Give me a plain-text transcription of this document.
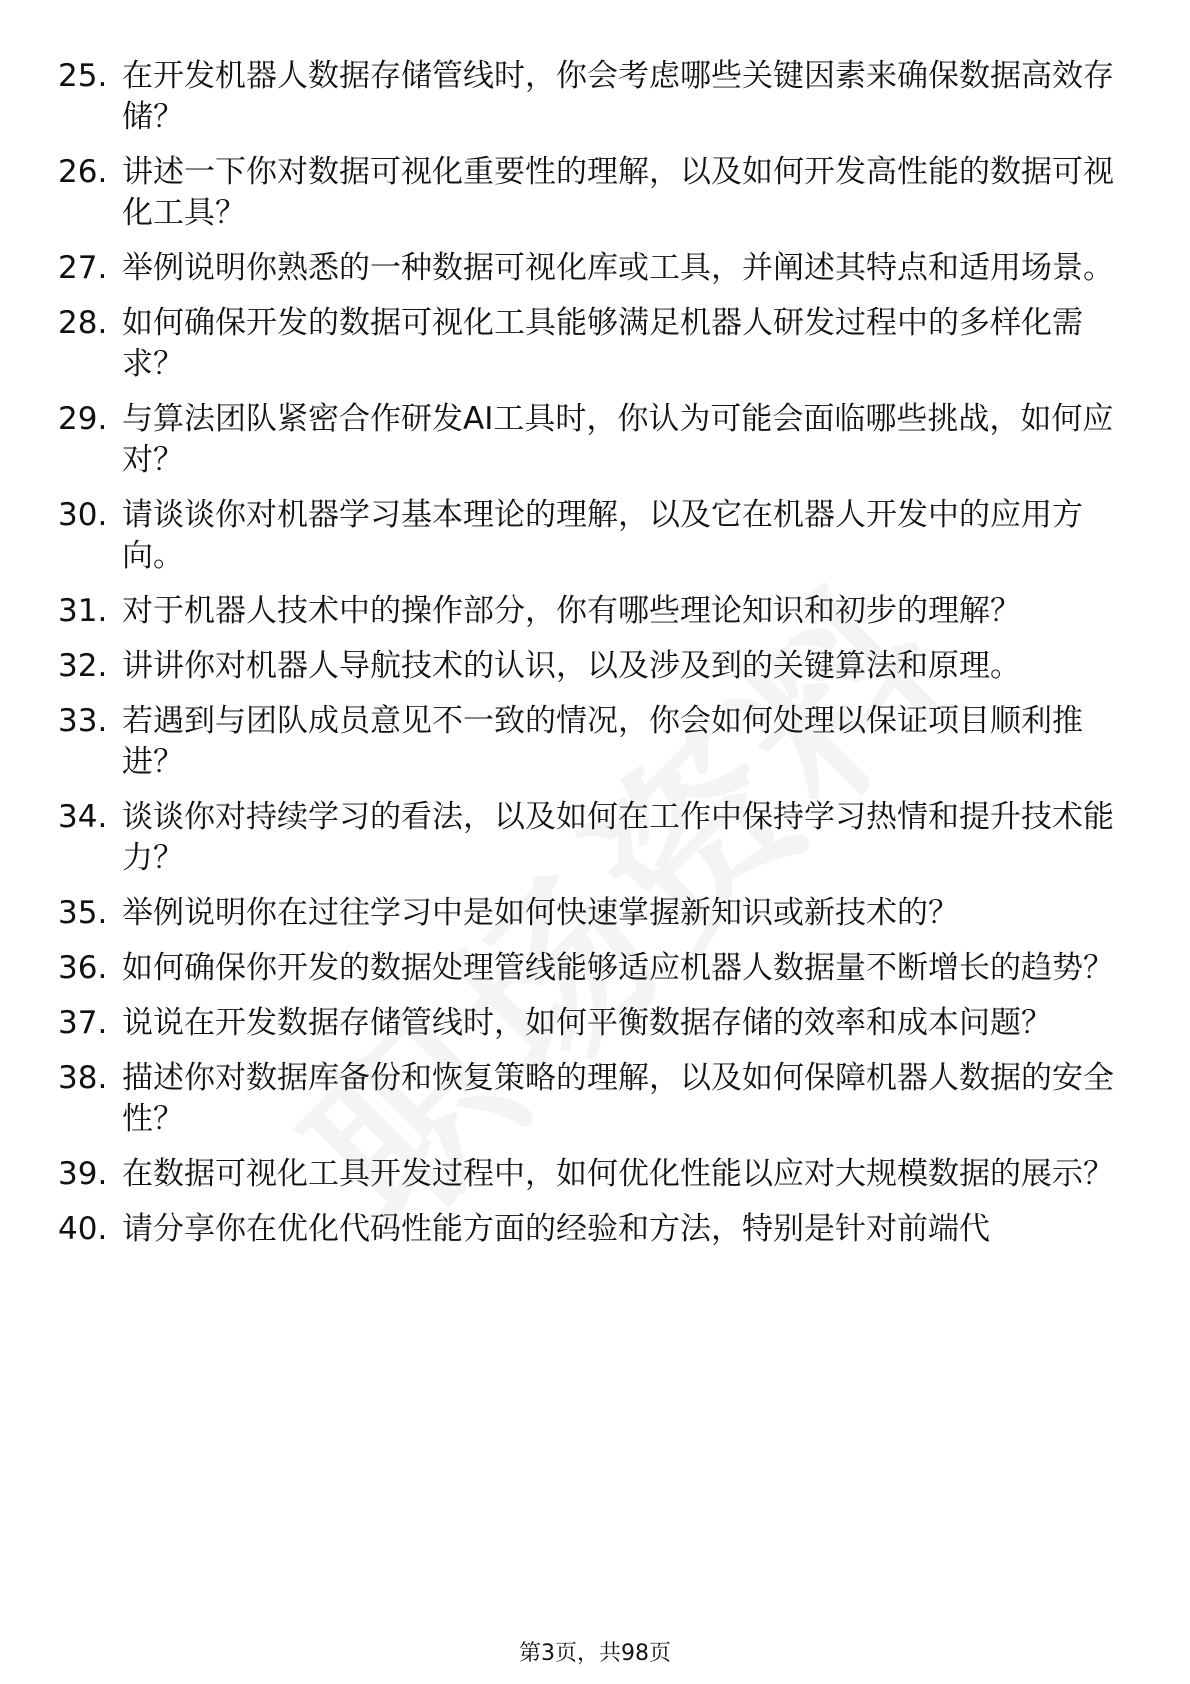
25. 在开发机器人数据存储管线时，你会考虑哪些关键因素来确保数据高效存储？
26. 讲述一下你对数据可视化重要性的理解，以及如何开发高性能的数据可视化工具？
27. 举例说明你熟悉的一种数据可视化库或工具，并阐述其特点和适用场景。
28. 如何确保开发的数据可视化工具能够满足机器人研发过程中的多样化需求？
29. 与算法团队紧密合作研发AI工具时，你认为可能会面临哪些挑战，如何应对？
30. 请谈谈你对机器学习基本理论的理解，以及它在机器人开发中的应用方向。
31. 对于机器人技术中的操作部分，你有哪些理论知识和初步的理解？
32. 讲讲你对机器人导航技术的认识，以及涉及到的关键算法和原理。
33. 若遇到与团队成员意见不一致的情况，你会如何处理以保证项目顺利推进？
34. 谈谈你对持续学习的看法，以及如何在工作中保持学习热情和提升技术能力？
35. 举例说明你在过往学习中是如何快速掌握新知识或新技术的？
36. 如何确保你开发的数据处理管线能够适应机器人数据量不断增长的趋势？
37. 说说在开发数据存储管线时，如何平衡数据存储的效率和成本问题？
38. 描述你对数据库备份和恢复策略的理解，以及如何保障机器人数据的安全性？
39. 在数据可视化工具开发过程中，如何优化性能以应对大规模数据的展示？
40. 请分享你在优化代码性能方面的经验和方法，特别是针对前端代
第3页，共98页
